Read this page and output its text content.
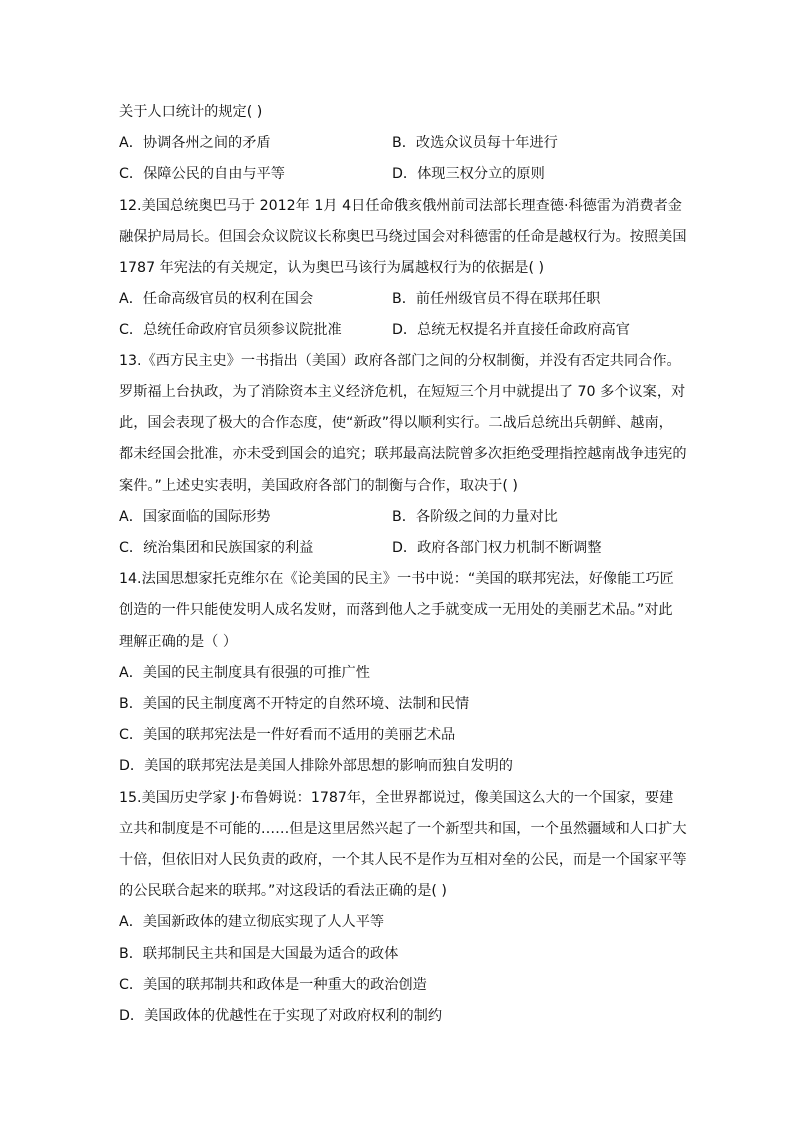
关于人口统计的规定( )
A．协调各州之间的矛盾	B．改选众议员每十年进行
C．保障公民的自由与平等	D．体现三权分立的原则
12.美国总统奥巴马于 2012年 1月 4日任命俄亥俄州前司法部长理查德·科德雷为消费者金
融保护局局长。但国会众议院议长称奥巴马绕过国会对科德雷的任命是越权行为。按照美国
1787 年宪法的有关规定，认为奥巴马该行为属越权行为的依据是( )
A．任命高级官员的权利在国会	B．前任州级官员不得在联邦任职
C．总统任命政府官员须参议院批准	D．总统无权提名并直接任命政府高官
13.《西方民主史》一书指出（美国）政府各部门之间的分权制衡，并没有否定共同合作。
罗斯福上台执政，为了消除资本主义经济危机，在短短三个月中就提出了 70 多个议案，对
此，国会表现了极大的合作态度，使“新政”得以顺利实行。二战后总统出兵朝鲜、越南，
都未经国会批准，亦未受到国会的追究；联邦最高法院曾多次拒绝受理指控越南战争违宪的
案件。”上述史实表明，美国政府各部门的制衡与合作，取决于( )
A．国家面临的国际形势	B．各阶级之间的力量对比
C．统治集团和民族国家的利益	D．政府各部门权力机制不断调整
14.法国思想家托克维尔在《论美国的民主》一书中说：“美国的联邦宪法，好像能工巧匠
创造的一件只能使发明人成名发财，而落到他人之手就变成一无用处的美丽艺术品。”对此
理解正确的是（ ）
A．美国的民主制度具有很强的可推广性
B．美国的民主制度离不开特定的自然环境、法制和民情
C．美国的联邦宪法是一件好看而不适用的美丽艺术品
D．美国的联邦宪法是美国人排除外部思想的影响而独自发明的
15.美国历史学家 J·布鲁姆说：1787年，全世界都说过，像美国这么大的一个国家，要建
立共和制度是不可能的……但是这里居然兴起了一个新型共和国，一个虽然疆域和人口扩大
十倍，但依旧对人民负责的政府，一个其人民不是作为互相对垒的公民，而是一个国家平等
的公民联合起来的联邦。”对这段话的看法正确的是( )
A．美国新政体的建立彻底实现了人人平等
B．联邦制民主共和国是大国最为适合的政体
C．美国的联邦制共和政体是一种重大的政治创造
D．美国政体的优越性在于实现了对政府权利的制约
